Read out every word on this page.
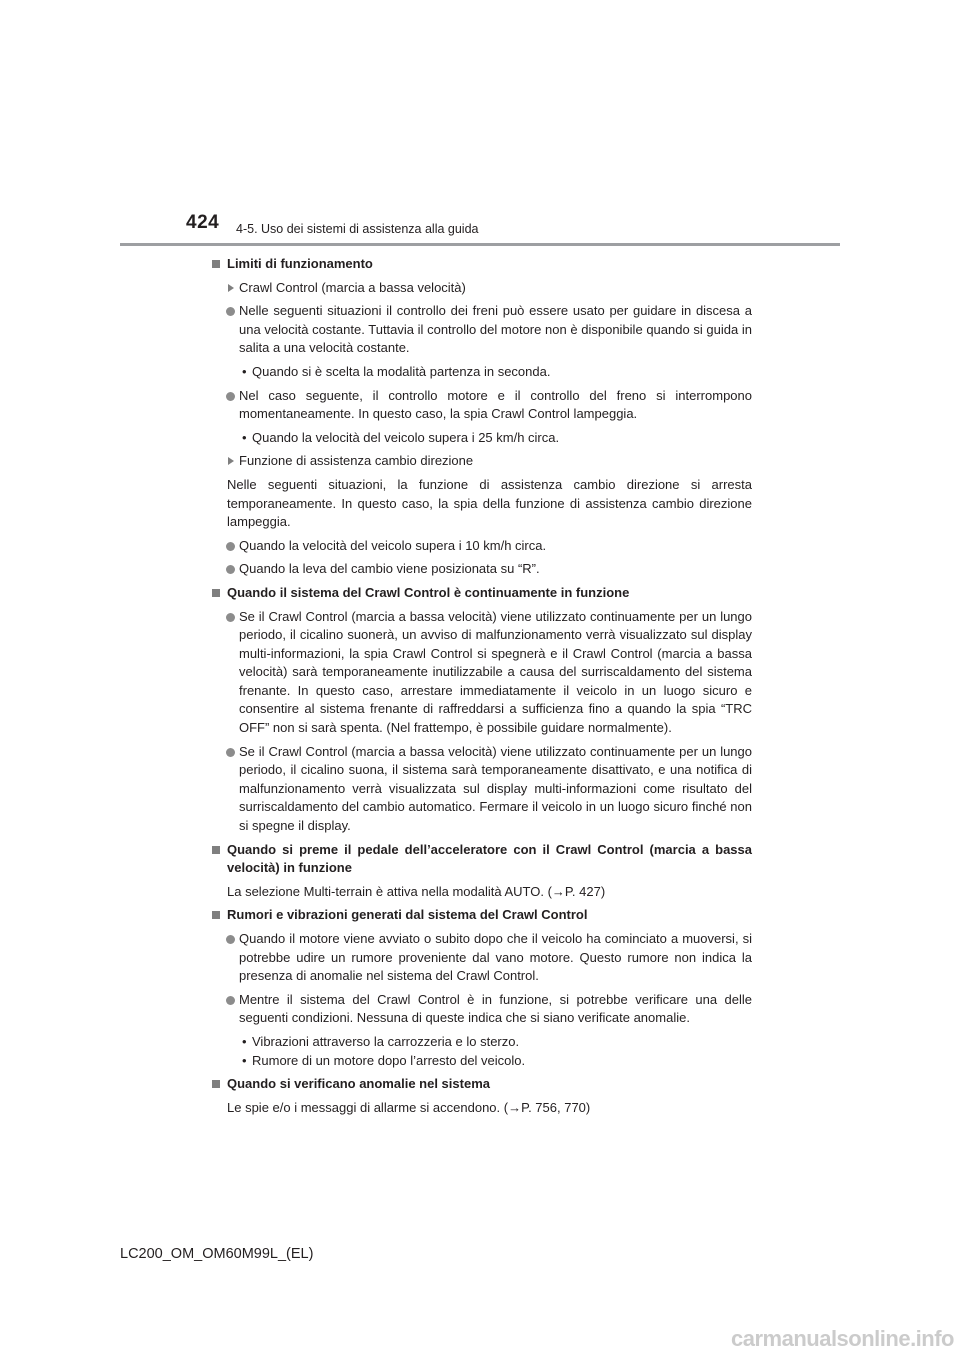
424 4-5. Uso dei sistemi di assistenza alla guida
Limiti di funzionamento
Crawl Control (marcia a bassa velocità)
Nelle seguenti situazioni il controllo dei freni può essere usato per guidare in discesa a una velocità costante. Tuttavia il controllo del motore non è disponibile quando si guida in salita a una velocità costante.
• Quando si è scelta la modalità partenza in seconda.
Nel caso seguente, il controllo motore e il controllo del freno si interrompono momentaneamente. In questo caso, la spia Crawl Control lampeggia.
• Quando la velocità del veicolo supera i 25 km/h circa.
Funzione di assistenza cambio direzione
Nelle seguenti situazioni, la funzione di assistenza cambio direzione si arresta temporaneamente. In questo caso, la spia della funzione di assistenza cambio direzione lampeggia.
Quando la velocità del veicolo supera i 10 km/h circa.
Quando la leva del cambio viene posizionata su “R”.
Quando il sistema del Crawl Control è continuamente in funzione
Se il Crawl Control (marcia a bassa velocità) viene utilizzato continuamente per un lungo periodo, il cicalino suonerà, un avviso di malfunzionamento verrà visualizzato sul display multi-informazioni, la spia Crawl Control si spegnerà e il Crawl Control (marcia a bassa velocità) sarà temporaneamente inutilizzabile a causa del surriscaldamento del sistema frenante. In questo caso, arrestare immediatamente il veicolo in un luogo sicuro e consentire al sistema frenante di raffreddarsi a sufficienza fino a quando la spia “TRC OFF” non si sarà spenta. (Nel frattempo, è possibile guidare normalmente).
Se il Crawl Control (marcia a bassa velocità) viene utilizzato continuamente per un lungo periodo, il cicalino suona, il sistema sarà temporaneamente disattivato, e una notifica di malfunzionamento verrà visualizzata sul display multi-informazioni come risultato del surriscaldamento del cambio automatico. Fermare il veicolo in un luogo sicuro finché non si spegne il display.
Quando si preme il pedale dell’acceleratore con il Crawl Control (marcia a bassa velocità) in funzione
La selezione Multi-terrain è attiva nella modalità AUTO. (→P. 427)
Rumori e vibrazioni generati dal sistema del Crawl Control
Quando il motore viene avviato o subito dopo che il veicolo ha cominciato a muoversi, si potrebbe udire un rumore proveniente dal vano motore. Questo rumore non indica la presenza di anomalie nel sistema del Crawl Control.
Mentre il sistema del Crawl Control è in funzione, si potrebbe verificare una delle seguenti condizioni. Nessuna di queste indica che si siano verificate anomalie.
• Vibrazioni attraverso la carrozzeria e lo sterzo.
• Rumore di un motore dopo l’arresto del veicolo.
Quando si verificano anomalie nel sistema
Le spie e/o i messaggi di allarme si accendono. (→P. 756, 770)
LC200_OM_OM60M99L_(EL)
carmanualsonline.info
